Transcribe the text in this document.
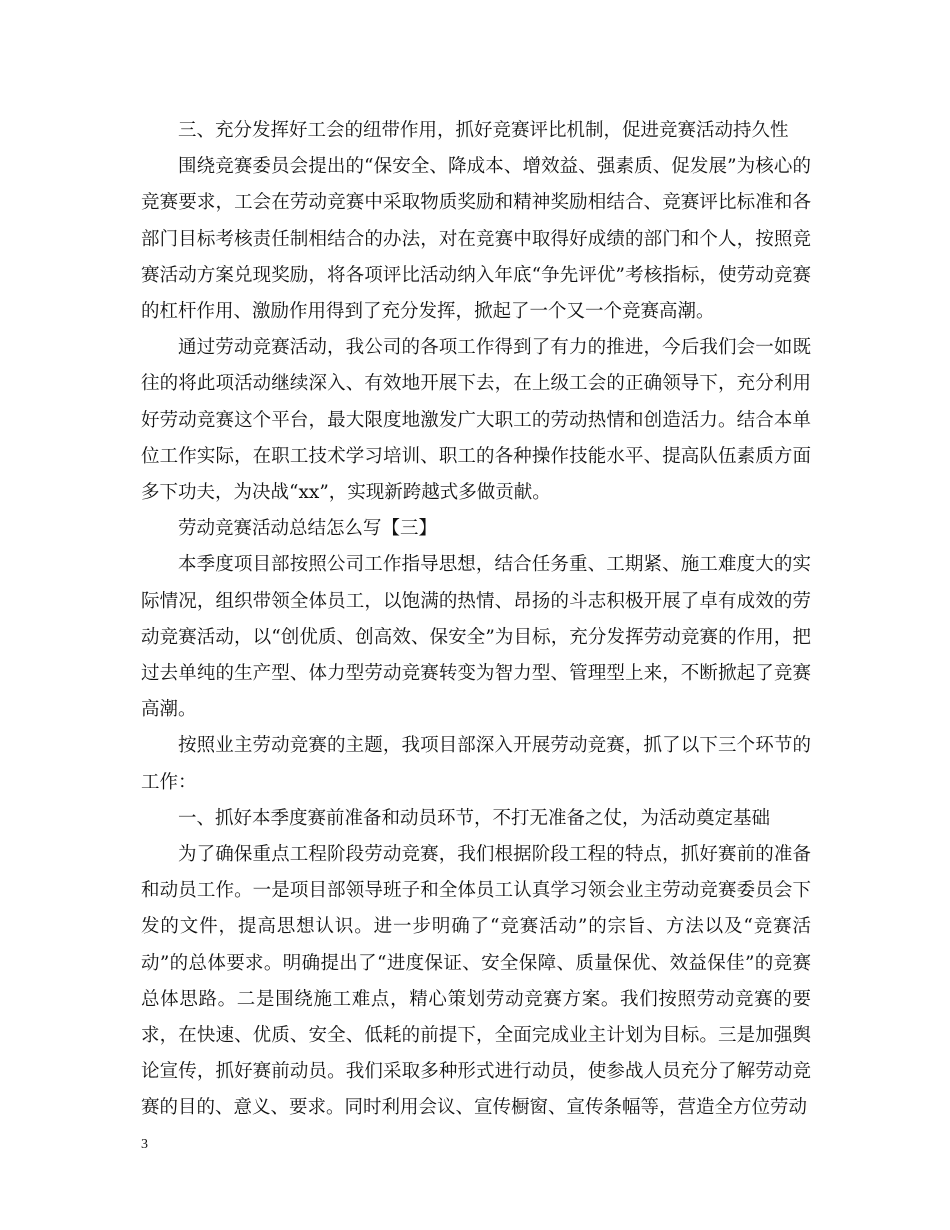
三、充分发挥好工会的纽带作用，抓好竞赛评比机制，促进竞赛活动持久性

围绕竞赛委员会提出的“保安全、降成本、增效益、强素质、促发展”为核心的竞赛要求，工会在劳动竞赛中采取物质奖励和精神奖励相结合、竞赛评比标准和各部门目标考核责任制相结合的办法，对在竞赛中取得好成绩的部门和个人，按照竞赛活动方案兑现奖励，将各项评比活动纳入年底“争先评优”考核指标，使劳动竞赛的杠杆作用、激励作用得到了充分发挥，掀起了一个又一个竞赛高潮。

通过劳动竞赛活动，我公司的各项工作得到了有力的推进，今后我们会一如既往的将此项活动继续深入、有效地开展下去，在上级工会的正确领导下，充分利用好劳动竞赛这个平台，最大限度地激发广大职工的劳动热情和创造活力。结合本单位工作实际，在职工技术学习培训、职工的各种操作技能水平、提高队伍素质方面多下功夫，为决战“xx”，实现新跨越式多做贡献。

劳动竞赛活动总结怎么写【三】

本季度项目部按照公司工作指导思想，结合任务重、工期紧、施工难度大的实际情况，组织带领全体员工，以饱满的热情、昂扬的斗志积极开展了卓有成效的劳动竞赛活动，以“创优质、创高效、保安全”为目标，充分发挥劳动竞赛的作用，把过去单纯的生产型、体力型劳动竞赛转变为智力型、管理型上来，不断掀起了竞赛高潮。

按照业主劳动竞赛的主题，我项目部深入开展劳动竞赛，抓了以下三个环节的工作：

一、抓好本季度赛前准备和动员环节，不打无准备之仗，为活动奠定基础

为了确保重点工程阶段劳动竞赛，我们根据阶段工程的特点，抓好赛前的准备和动员工作。一是项目部领导班子和全体员工认真学习领会业主劳动竞赛委员会下发的文件，提高思想认识。进一步明确了“竞赛活动”的宗旨、方法以及“竞赛活动”的总体要求。明确提出了“进度保证、安全保障、质量保优、效益保佳”的竞赛总体思路。二是围绕施工难点，精心策划劳动竞赛方案。我们按照劳动竞赛的要求，在快速、优质、安全、低耗的前提下，全面完成业主计划为目标。三是加强舆论宣传，抓好赛前动员。我们采取多种形式进行动员，使参战人员充分了解劳动竞赛的目的、意义、要求。同时利用会议、宣传橱窗、宣传条幅等，营造全方位劳动

3
